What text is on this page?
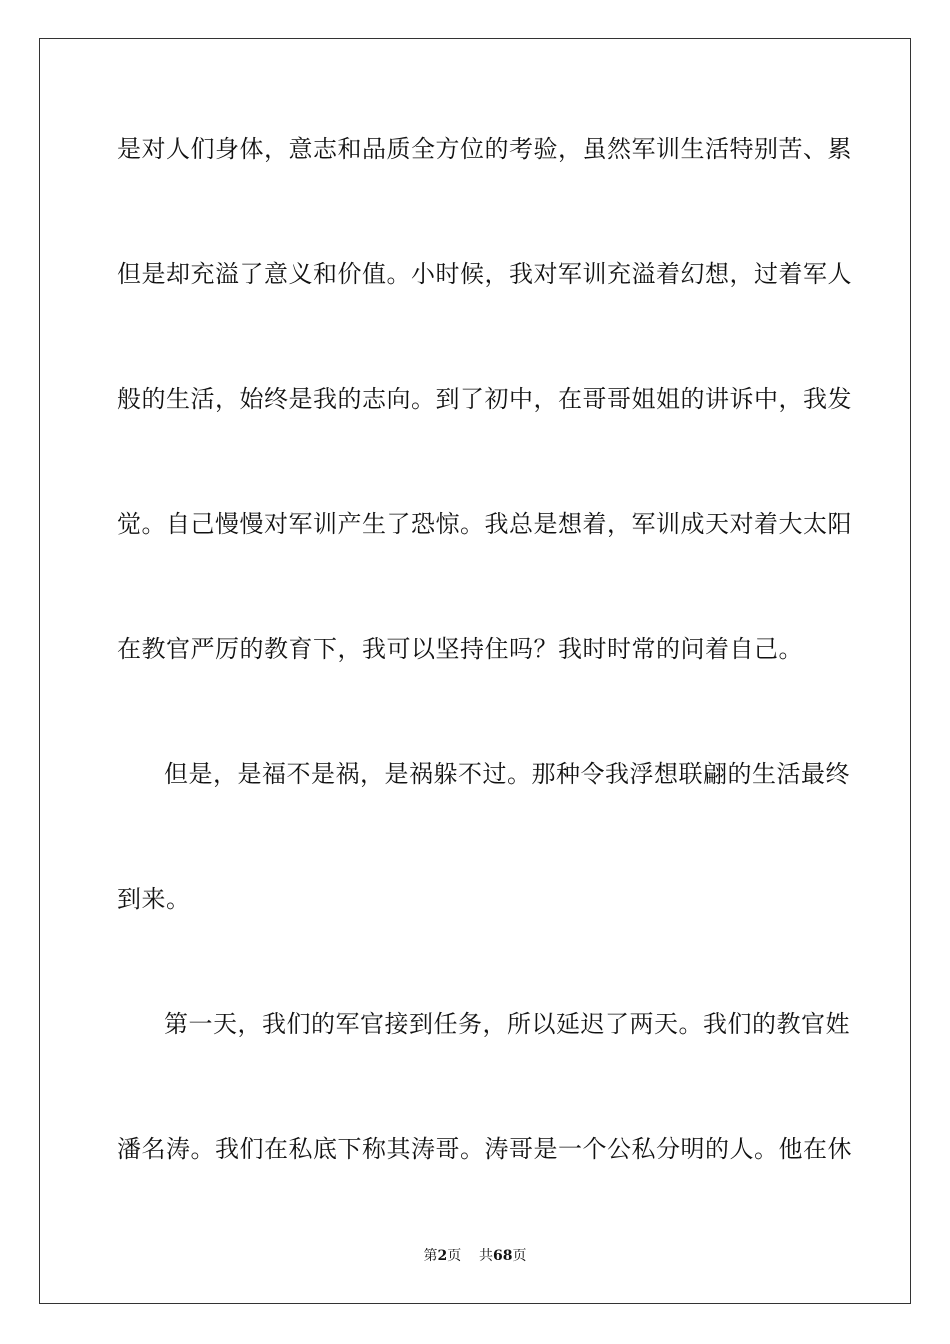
是对人们身体，意志和品质全方位的考验，虽然军训生活特别苦、累
但是却充溢了意义和价值。小时候，我对军训充溢着幻想，过着军人
般的生活，始终是我的志向。到了初中，在哥哥姐姐的讲诉中，我发
觉。自己慢慢对军训产生了恐惊。我总是想着，军训成天对着大太阳
在教官严厉的教育下，我可以坚持住吗？我时时常的问着自己。
但是，是福不是祸，是祸躲不过。那种令我浮想联翩的生活最终
到来。
第一天，我们的军官接到任务，所以延迟了两天。我们的教官姓
潘名涛。我们在私底下称其涛哥。涛哥是一个公私分明的人。他在休
第2页 共68页
